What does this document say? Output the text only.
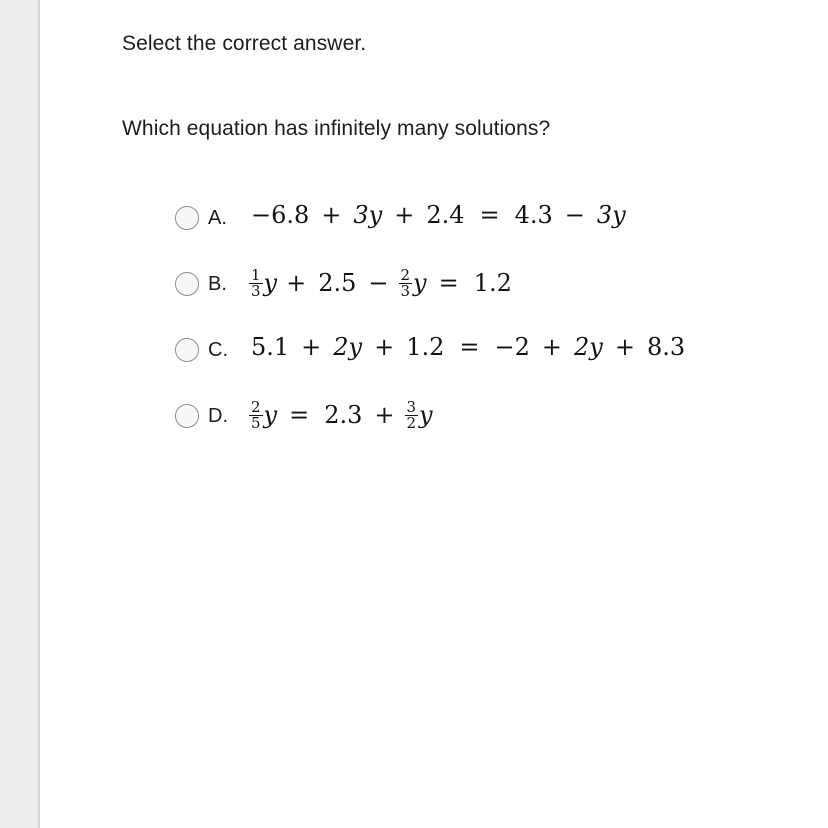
Select the correct answer.
Which equation has infinitely many solutions?
A.	−6.8 + 3y + 2.4 = 4.3 − 3y
B.	$\frac{1}{3}$ $y + 2.5 - \frac{2}{3}$ y = 1.2
C. 5.1 + 2y + 1.2 = −2 + 2y + 8.3
D.	$\frac{2}{5}$ $y = 2.3 + \frac{3}{2}$ y
